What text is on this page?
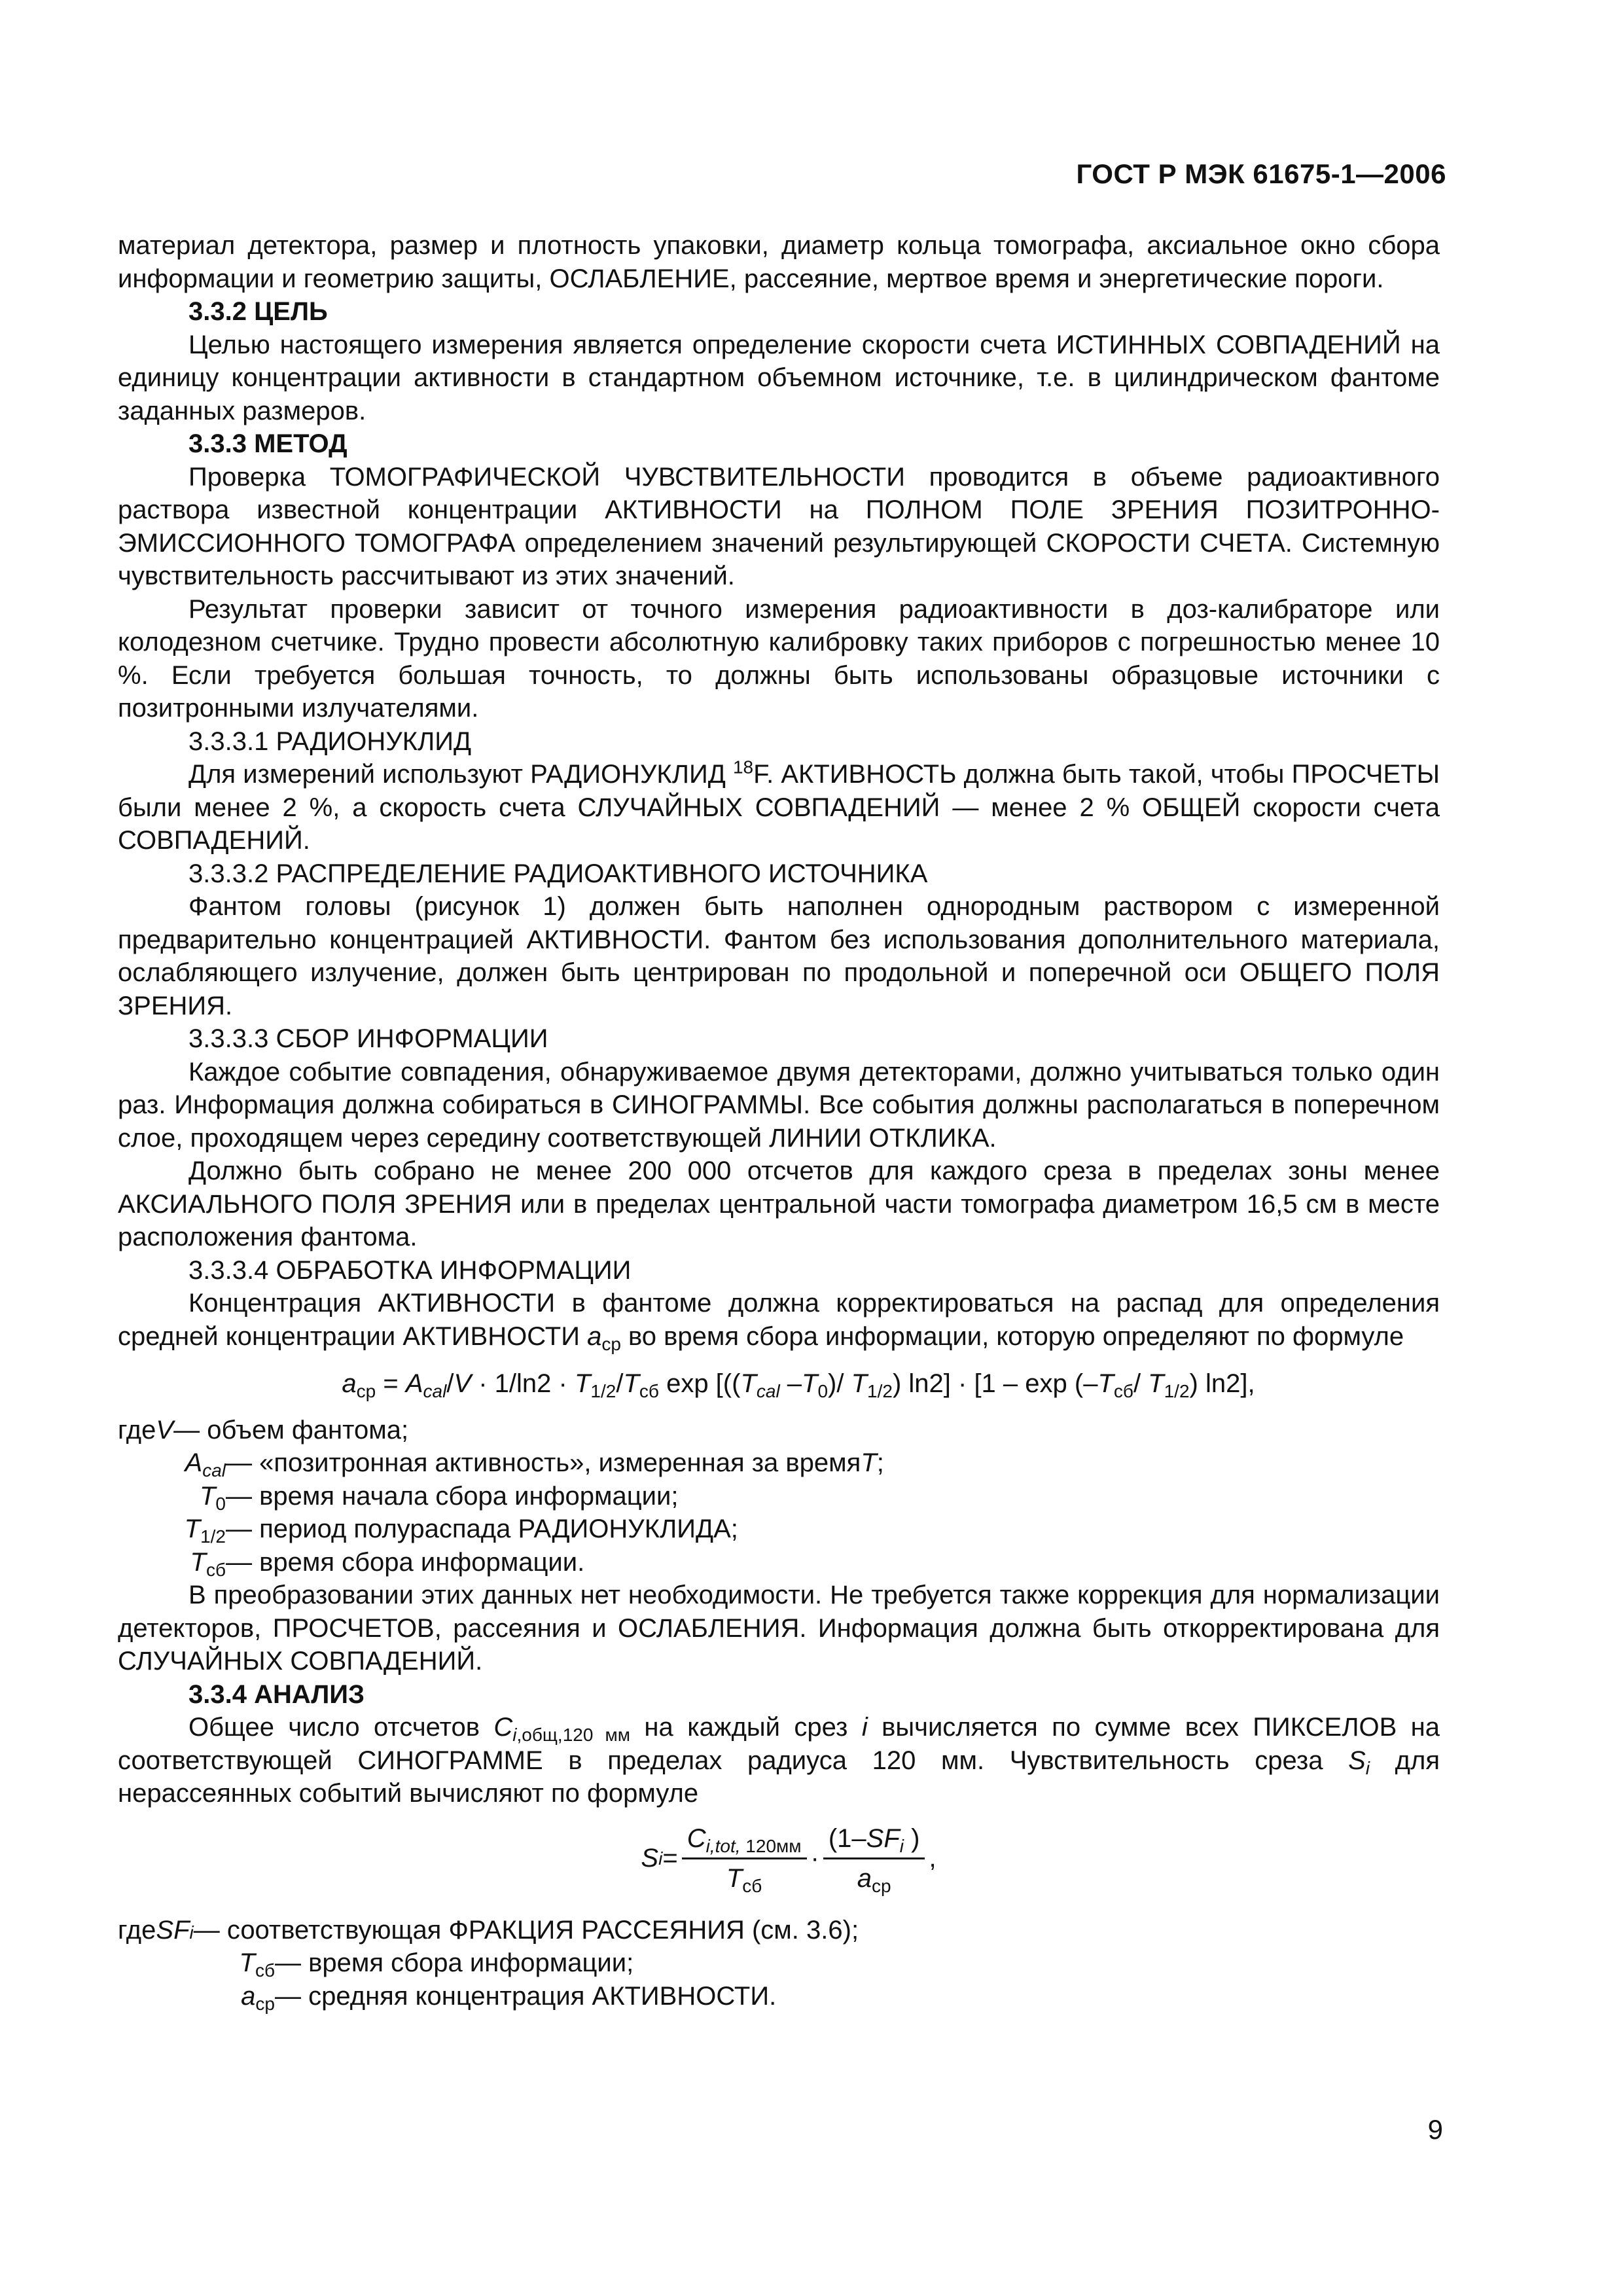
ГОСТ Р МЭК 61675-1—2006

материал детектора, размер и плотность упаковки, диаметр кольца томографа, аксиальное окно сбора информации и геометрию защиты, ОСЛАБЛЕНИЕ, рассеяние, мертвое время и энергетические пороги.

3.3.2 ЦЕЛЬ

Целью настоящего измерения является определение скорости счета ИСТИННЫХ СОВПАДЕНИЙ на единицу концентрации активности в стандартном объемном источнике, т.е. в цилиндрическом фантоме заданных размеров.

3.3.3 МЕТОД

Проверка ТОМОГРАФИЧЕСКОЙ ЧУВСТВИТЕЛЬНОСТИ проводится в объеме радиоактивного раствора известной концентрации АКТИВНОСТИ на ПОЛНОМ ПОЛЕ ЗРЕНИЯ ПОЗИТРОННО-ЭМИССИОННОГО ТОМОГРАФА определением значений результирующей СКОРОСТИ СЧЕТА. Системную чувствительность рассчитывают из этих значений.

Результат проверки зависит от точного измерения радиоактивности в доз-калибраторе или колодезном счетчике. Трудно провести абсолютную калибровку таких приборов с погрешностью менее 10 %. Если требуется большая точность, то должны быть использованы образцовые источники с позитронными излучателями.

3.3.3.1 РАДИОНУКЛИД

Для измерений используют РАДИОНУКЛИД $^{18}$F. АКТИВНОСТЬ должна быть такой, чтобы ПРОСЧЕТЫ были менее 2 %, а скорость счета СЛУЧАЙНЫХ СОВПАДЕНИЙ — менее 2 % ОБЩЕЙ скорости счета СОВПАДЕНИЙ.

3.3.3.2 РАСПРЕДЕЛЕНИЕ РАДИОАКТИВНОГО ИСТОЧНИКА

Фантом головы (рисунок 1) должен быть наполнен однородным раствором с измеренной предварительно концентрацией АКТИВНОСТИ. Фантом без использования дополнительного материала, ослабляющего излучение, должен быть центрирован по продольной и поперечной оси ОБЩЕГО ПОЛЯ ЗРЕНИЯ.

3.3.3.3 СБОР ИНФОРМАЦИИ

Каждое событие совпадения, обнаруживаемое двумя детекторами, должно учитываться только один раз. Информация должна собираться в СИНОГРАММЫ. Все события должны располагаться в поперечном слое, проходящем через середину соответствующей ЛИНИИ ОТКЛИКА.

Должно быть собрано не менее 200 000 отсчетов для каждого среза в пределах зоны менее АКСИАЛЬНОГО ПОЛЯ ЗРЕНИЯ или в пределах центральной части томографа диаметром 16,5 см в месте расположения фантома.

3.3.3.4 ОБРАБОТКА ИНФОРМАЦИИ

Концентрация АКТИВНОСТИ в фантоме должна корректироваться на распад для определения средней концентрации АКТИВНОСТИ $a_{ср}$ во время сбора информации, которую определяют по формуле

$a_{ср} = A_{cal}/V \cdot 1/\ln 2 \cdot T_{1/2}/T_{сб}$ $\exp [((T_{cal}$ $-T_0)/$ $T_{1/2}$) $\ln 2] \cdot [1 - \exp (-T_{сб}/$ $T_{1/2}$) ln2],
где V — объем фантома;
$A_{cal}$ — «позитронная активность», измеренная за время T ;
$T_0$ — время начала сбора информации;
$T_{1/2}$ — период полураспада РАДИОНУКЛИДА;
$T_{сб}$ — время сбора информации.

В преобразовании этих данных нет необходимости. Не требуется также коррекция для нормализации детекторов, ПРОСЧЕТОВ, рассеяния и ОСЛАБЛЕНИЯ. Информация должна быть откорректирована для СЛУЧАЙНЫХ СОВПАДЕНИЙ.

3.3.4 АНАЛИЗ

Общее число отсчетов $C_{i,общ,120 мм}$ на каждый срез i вычисляется по сумме всех ПИКСЕЛОВ на соответствующей СИНОГРАММЕ в пределах радиуса 120 мм. Чувствительность среза $S_i$ для нерассеянных событий вычисляют по формуле

S $i = \frac{C_{i,tot, 120мм}}{T_{сб}} \cdot \frac{(1-SF_i )}{a_{ср}}$ ,
где SF i — соответствующая ФРАКЦИЯ РАССЕЯНИЯ (см. 3.6);
$T_{сб}$ — время сбора информации;
$a_{ср}$ — средняя концентрация АКТИВНОСТИ.
9
